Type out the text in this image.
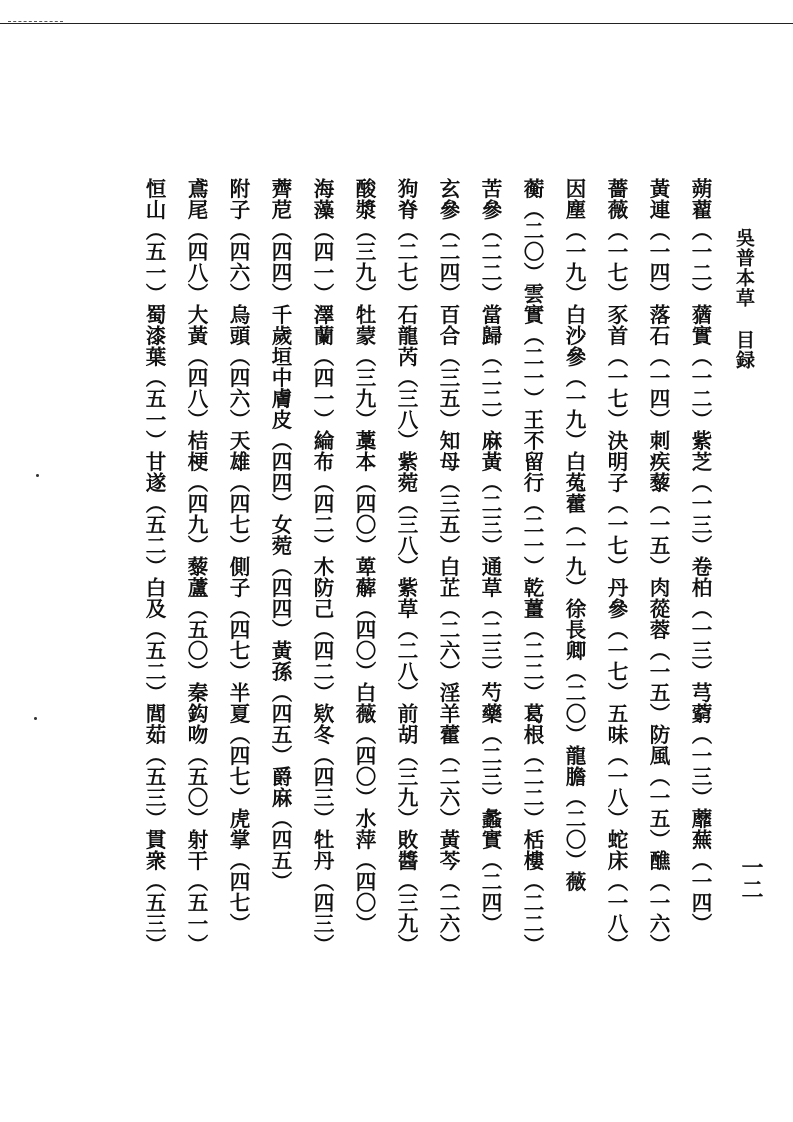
吳普本草目録
一二
蒴藋（一二）蕕實（一二）紫芝（一三）卷柏（一三）芎藭（一三）蘼蕪（一四）
黃連（一四）落石（一四）刺疾藜（一五）肉蓯蓉（一五）防風（一五）醮（一六）
薔薇（一七）豕首（一七）決明子（一七）丹參（一七）五味（一八）蛇床（一八）
因塵（一九）白沙參（一九）白菟藿（一九）徐長卿（二〇）龍膽（二〇）薇
蘅（二〇）雲實（二一）王不留行（二一）乾薑（二二）葛根（二二）栝樓（二二）
苦參（二二）當歸（二二）麻黃（二三）通草（二三）芍藥（二三）蠡實（二四）
玄參（二四）百合（三五）知母（三五）白芷（二六）淫羊藿（二六）黃芩（二六）
狗脊（二七）石龍芮（三八）紫菀（三八）紫草（二八）前胡（三九）敗醬（三九）
酸漿（三九）牡蒙（三九）藁本（四〇）萆薢（四〇）白薇（四〇）水萍（四〇）
海藻（四一）澤蘭（四一）綸布（四二）木防己（四二）欵冬（四三）牡丹（四三）
薺苨（四四）千歲垣中膚皮（四四）女菀（四四）黃孫（四五）爵麻（四五）
附子（四六）烏頭（四六）天雄（四七）側子（四七）半夏（四七）虎掌（四七）
鳶尾（四八）大黃（四八）桔梗（四九）藜蘆（五〇）秦鈎吻（五〇）射干（五一）
恒山（五一）蜀漆葉（五一）甘遂（五二）白及（五二）閭茹（五三）貫衆（五三）
